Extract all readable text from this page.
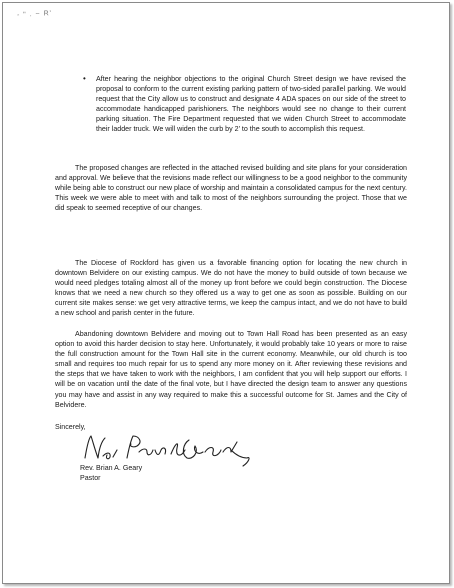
- " . ~ R'
• After hearing the neighbor objections to the original Church Street design we have revised the proposal to conform to the current existing parking pattern of two-sided parallel parking. We would request that the City allow us to construct and designate 4 ADA spaces on our side of the street to accommodate handicapped parishioners. The neighbors would see no change to their current parking situation. The Fire Department requested that we widen Church Street to accommodate their ladder truck. We will widen the curb by 2' to the south to accomplish this request.

The proposed changes are reflected in the attached revised building and site plans for your consideration and approval. We believe that the revisions made reflect our willingness to be a good neighbor to the community while being able to construct our new place of worship and maintain a consolidated campus for the next century. This week we were able to meet with and talk to most of the neighbors surrounding the project. Those that we did speak to seemed receptive of our changes.

The Diocese of Rockford has given us a favorable financing option for locating the new church in downtown Belvidere on our existing campus. We do not have the money to build outside of town because we would need pledges totaling almost all of the money up front before we could begin construction. The Diocese knows that we need a new church so they offered us a way to get one as soon as possible. Building on our current site makes sense: we get very attractive terms, we keep the campus intact, and we do not have to build a new school and parish center in the future.

Abandoning downtown Belvidere and moving out to Town Hall Road has been presented as an easy option to avoid this harder decision to stay here. Unfortunately, it would probably take 10 years or more to raise the full construction amount for the Town Hall site in the current economy. Meanwhile, our old church is too small and requires too much repair for us to spend any more money on it. After reviewing these revisions and the steps that we have taken to work with the neighbors, I am confident that you will help support our efforts. I will be on vacation until the date of the final vote, but I have directed the design team to answer any questions you may have and assist in any way required to make this a successful outcome for St. James and the City of Belvidere.

Sincerely,
Rev. Brian A. Geary
Pastor
